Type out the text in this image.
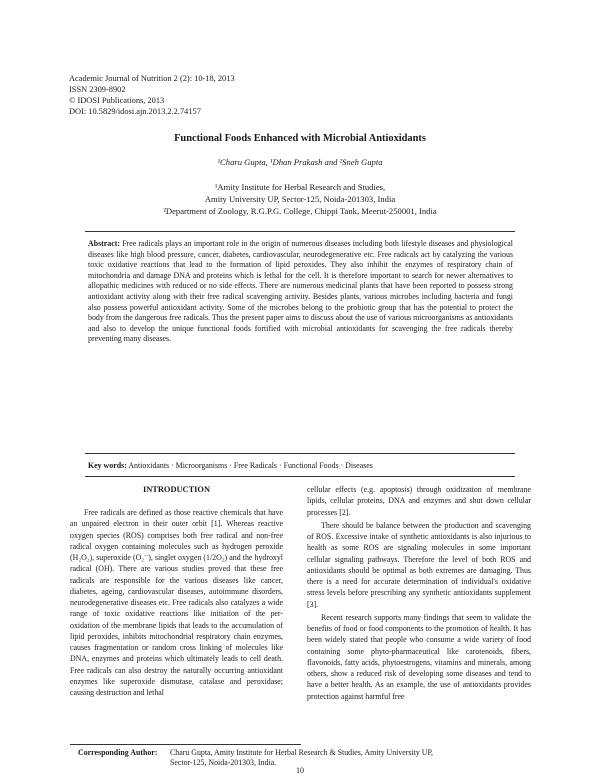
Academic Journal of Nutrition 2 (2): 10-18, 2013
ISSN 2309-8902
© IDOSI Publications, 2013
DOI: 10.5829/idosi.ajn.2013.2.2.74157
Functional Foods Enhanced with Microbial Antioxidants
¹Charu Gupta, ¹Dhan Prakash and ²Sneh Gupta
¹Amity Institute for Herbal Research and Studies,
Amity University UP, Sector-125, Noida-201303, India
²Department of Zoology, R.G.P.G. College, Chippi Tank, Meerut-250001, India
Abstract: Free radicals plays an important role in the origin of numerous diseases including both lifestyle diseases and physiological diseases like high blood pressure, cancer, diabetes, cardiovascular, neurodegenerative etc. Free radicals act by catalyzing the various toxic oxidative reactions that lead to the formation of lipid peroxides. They also inhibit the enzymes of respiratory chain of mitochondria and damage DNA and proteins which is lethal for the cell. It is therefore important to search for newer alternatives to allopathic medicines with reduced or no side effects. There are numerous medicinal plants that have been reported to possess strong antioxidant activity along with their free radical scavenging activity. Besides plants, various microbes including bacteria and fungi also possess powerful antioxidant activity. Some of the microbes belong to the probiotic group that has the potential to protect the body from the dangerous free radicals. Thus the present paper aims to discuss about the use of various microorganisms as antioxidants and also to develop the unique functional foods fortified with microbial antioxidants for scavenging the free radicals thereby preventing many diseases.
Key words: Antioxidants · Microorganisms · Free Radicals · Functional Foods · Diseases
INTRODUCTION

Free radicals are defined as those reactive chemicals that have an unpaired electron in their outer orbit [1]. Whereas reactive oxygen species (ROS) comprises both free radical and non-free radical oxygen containing molecules such as hydrogen peroxide (H₂O₂), superoxide (O₂⁻), singlet oxygen (1/2O₂) and the hydroxyl radical (OH). There are various studies proved that these free radicals are responsible for the various diseases like cancer, diabetes, ageing, cardiovascular diseases, autoimmune disorders, neurodegenerative diseases etc. Free radicals also catalyzes a wide range of toxic oxidative reactions like initiation of the per-oxidation of the membrane lipids that leads to the accumulation of lipid peroxides, inhibits mitochondrial respiratory chain enzymes, causes fragmentation or random cross linking of molecules like DNA, enzymes and proteins which ultimately leads to cell death. Free radicals can also destroy the naturally occurring antioxidant enzymes like superoxide dismutase, catalase and peroxidase; causing destruction and lethal

cellular effects (e.g. apoptosis) through oxidization of membrane lipids, cellular proteins, DNA and enzymes and shut down cellular processes [2].

There should be balance between the production and scavenging of ROS. Excessive intake of synthetic antioxidants is also injurious to health as some ROS are signaling molecules in some important cellular signaling pathways. Therefore the level of both ROS and antioxidants should be optimal as both extremes are damaging. Thus there is a need for accurate determination of individual's oxidative stress levels before prescribing any synthetic antioxidants supplement [3].

Recent research supports many findings that seem to validate the benefits of food or food components to the promotion of health. It has been widely stated that people who consume a wide variety of food containing some phyto-pharmaceutical like carotenoids, fibers, flavonoids, fatty acids, phytoestrogens, vitamins and minerals, among others, show a reduced risk of developing some diseases and tend to have a better health. As an example, the use of antioxidants provides protection against harmful free

Corresponding Author: Charu Gupta, Amity Institute for Herbal Research & Studies, Amity University UP,
Sector-125, Noida-201303, India.
10
